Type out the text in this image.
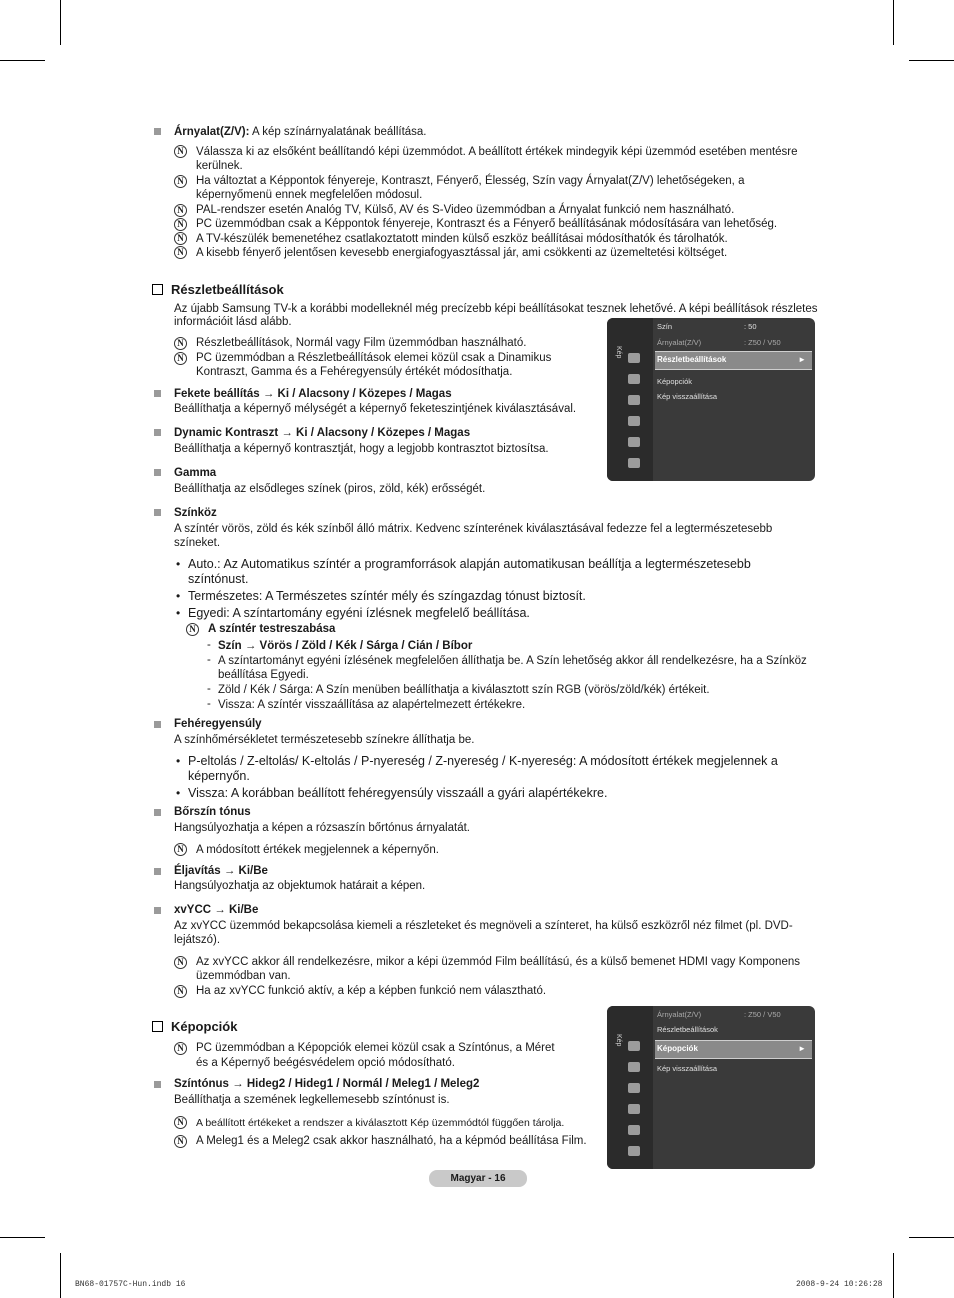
Árnyalat(Z/V): A kép színárnyalatának beállítása.
N Válassza ki az elsőként beállítandó képi üzemmódot. A beállított értékek mindegyik képi üzemmód esetében mentésre
kerülnek.
N Ha változtat a Képpontok fényereje, Kontraszt, Fényerő, Élesség, Szín vagy Árnyalat(Z/V) lehetőségeken, a
képernyőmenü ennek megfelelően módosul.
N PAL-rendszer esetén Analóg TV, Külső, AV és S-Video üzemmódban a Árnyalat funkció nem használható.
N PC üzemmódban csak a Képpontok fényereje, Kontraszt és a Fényerő beállításának módosítására van lehetőség.
N A TV-készülék bemenetéhez csatlakoztatott minden külső eszköz beállításai módosíthatók és tárolhatók.
N A kisebb fényerő jelentősen kevesebb energiafogyasztással jár, ami csökkenti az üzemeltetési költséget.
Részletbeállítások
Az újabb Samsung TV-k a korábbi modelleknél még precízebb képi beállításokat tesznek lehetővé. A képi beállítások részletes
információit lásd alább.
N Részletbeállítások, Normál vagy Film üzemmódban használható.
N PC üzemmódban a Részletbeállítások elemei közül csak a Dinamikus
Kontraszt, Gamma és a Fehéregyensúly értékét módosíthatja.
Fekete beállítás → Ki / Alacsony / Közepes / Magas
Beállíthatja a képernyő mélységét a képernyő feketeszintjének kiválasztásával.
Dynamic Kontraszt → Ki / Alacsony / Közepes / Magas
Beállíthatja a képernyő kontrasztját, hogy a legjobb kontrasztot biztosítsa.
Gamma
Beállíthatja az elsődleges színek (piros, zöld, kék) erősségét.
Színköz
A színtér vörös, zöld és kék színből álló mátrix. Kedvenc színterének kiválasztásával fedezze fel a legtermészetesebb
színeket.
• Auto.: Az Automatikus színtér a programforrások alapján automatikusan beállítja a legtermészetesebb
színtónust.
• Természetes: A Természetes színtér mély és színgazdag tónust biztosít.
• Egyedi: A színtartomány egyéni ízlésnek megfelelő beállítása.
N A színtér testreszabása
- Szín → Vörös / Zöld / Kék / Sárga / Cián / Bíbor
- A színtartományt egyéni ízlésének megfelelően állíthatja be. A Szín lehetőség akkor áll rendelkezésre, ha a Színköz
beállítása Egyedi.
- Zöld / Kék / Sárga: A Szín menüben beállíthatja a kiválasztott szín RGB (vörös/zöld/kék) értékeit.
- Vissza: A színtér visszaállítása az alapértelmezett értékekre.
Fehéregyensúly
A színhőmérsékletet természetesebb színekre állíthatja be.
• P-eltolás / Z-eltolás/ K-eltolás / P-nyereség / Z-nyereség / K-nyereség: A módosított értékek megjelennek a
képernyőn.
• Vissza: A korábban beállított fehéregyensúly visszaáll a gyári alapértékekre.
Bőrszín tónus
Hangsúlyozhatja a képen a rózsaszín bőrtónus árnyalatát.
N A módosított értékek megjelennek a képernyőn.
Éljavítás → Ki/Be
Hangsúlyozhatja az objektumok határait a képen.
xvYCC → Ki/Be
Az xvYCC üzemmód bekapcsolása kiemeli a részleteket és megnöveli a színteret, ha külső eszközről néz filmet (pl. DVD-
lejátszó).
N Az xvYCC akkor áll rendelkezésre, mikor a képi üzemmód Film beállítású, és a külső bemenet HDMI vagy Komponens
üzemmódban van.
N Ha az xvYCC funkció aktív, a kép a képben funkció nem választható.
Képopciók
N PC üzemmódban a Képopciók elemei közül csak a Színtónus, a Méret
és a Képernyő beégésvédelem opció módosítható.
Színtónus → Hideg2 / Hideg1 / Normál / Meleg1 / Meleg2
Beállíthatja a szemének legkellemesebb színtónust is.
N	A beállított értékeket a rendszer a kiválasztott Kép üzemmódtól függően tárolja.
N A Meleg1 és a Meleg2 csak akkor használható, ha a képmód beállítása Film.
Kép
Szín	: 50
Árnyalat(Z/V)	: Z50 / V50
Részletbeállítások	►
Képopciók
Kép visszaállítása
Kép
Árnyalat(Z/V)	: Z50 / V50
Részletbeállítások
Képopciók	►
Kép visszaállítása
Magyar - 16
BN68-01757C-Hun.indb 16	2008-9-24 10:26:28
